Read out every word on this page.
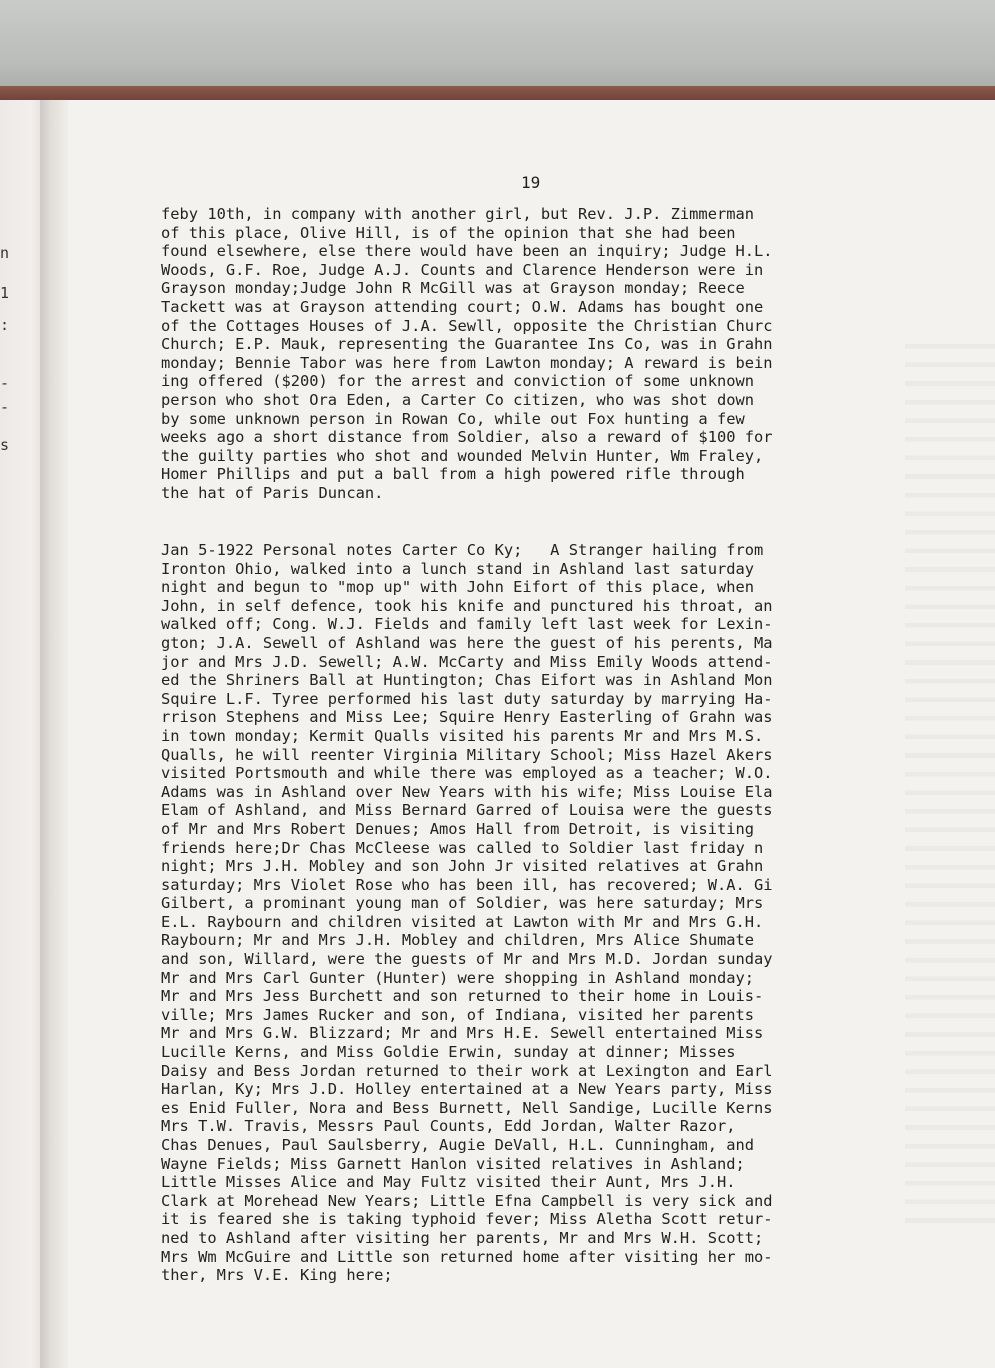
n
1
:
-
-
s
19
feby 10th, in company with another girl, but Rev. J.P. Zimmerman
of this place, Olive Hill, is of the opinion that she had been
found elsewhere, else there would have been an inquiry; Judge H.L.
Woods, G.F. Roe, Judge A.J. Counts and Clarence Henderson were in
Grayson monday;Judge John R McGill was at Grayson monday; Reece
Tackett was at Grayson attending court; O.W. Adams has bought one
of the Cottages Houses of J.A. Sewll, opposite the Christian Churc
Church; E.P. Mauk, representing the Guarantee Ins Co, was in Grahn
monday; Bennie Tabor was here from Lawton monday; A reward is bein
ing offered ($200) for the arrest and conviction of some unknown
person who shot Ora Eden, a Carter Co citizen, who was shot down
by some unknown person in Rowan Co, while out Fox hunting a few
weeks ago a short distance from Soldier, also a reward of $100 for
the guilty parties who shot and wounded Melvin Hunter, Wm Fraley,
Homer Phillips and put a ball from a high powered rifle through
the hat of Paris Duncan.
Jan 5-1922 Personal notes Carter Co Ky;   A Stranger hailing from
Ironton Ohio, walked into a lunch stand in Ashland last saturday
night and begun to "mop up" with John Eifort of this place, when
John, in self defence, took his knife and punctured his throat, an
walked off; Cong. W.J. Fields and family left last week for Lexin-
gton; J.A. Sewell of Ashland was here the guest of his perents, Ma
jor and Mrs J.D. Sewell; A.W. McCarty and Miss Emily Woods attend-
ed the Shriners Ball at Huntington; Chas Eifort was in Ashland Mon
Squire L.F. Tyree performed his last duty saturday by marrying Ha-
rrison Stephens and Miss Lee; Squire Henry Easterling of Grahn was
in town monday; Kermit Qualls visited his parents Mr and Mrs M.S.
Qualls, he will reenter Virginia Military School; Miss Hazel Akers
visited Portsmouth and while there was employed as a teacher; W.O.
Adams was in Ashland over New Years with his wife; Miss Louise Ela
Elam of Ashland, and Miss Bernard Garred of Louisa were the guests
of Mr and Mrs Robert Denues; Amos Hall from Detroit, is visiting
friends here;Dr Chas McCleese was called to Soldier last friday n
night; Mrs J.H. Mobley and son John Jr visited relatives at Grahn
saturday; Mrs Violet Rose who has been ill, has recovered; W.A. Gi
Gilbert, a prominant young man of Soldier, was here saturday; Mrs
E.L. Raybourn and children visited at Lawton with Mr and Mrs G.H.
Raybourn; Mr and Mrs J.H. Mobley and children, Mrs Alice Shumate
and son, Willard, were the guests of Mr and Mrs M.D. Jordan sunday
Mr and Mrs Carl Gunter (Hunter) were shopping in Ashland monday;
Mr and Mrs Jess Burchett and son returned to their home in Louis-
ville; Mrs James Rucker and son, of Indiana, visited her parents
Mr and Mrs G.W. Blizzard; Mr and Mrs H.E. Sewell entertained Miss
Lucille Kerns, and Miss Goldie Erwin, sunday at dinner; Misses
Daisy and Bess Jordan returned to their work at Lexington and Earl
Harlan, Ky; Mrs J.D. Holley entertained at a New Years party, Miss
es Enid Fuller, Nora and Bess Burnett, Nell Sandige, Lucille Kerns
Mrs T.W. Travis, Messrs Paul Counts, Edd Jordan, Walter Razor,
Chas Denues, Paul Saulsberry, Augie DeVall, H.L. Cunningham, and
Wayne Fields; Miss Garnett Hanlon visited relatives in Ashland;
Little Misses Alice and May Fultz visited their Aunt, Mrs J.H.
Clark at Morehead New Years; Little Efna Campbell is very sick and
it is feared she is taking typhoid fever; Miss Aletha Scott retur-
ned to Ashland after visiting her parents, Mr and Mrs W.H. Scott;
Mrs Wm McGuire and Little son returned home after visiting her mo-
ther, Mrs V.E. King here;
